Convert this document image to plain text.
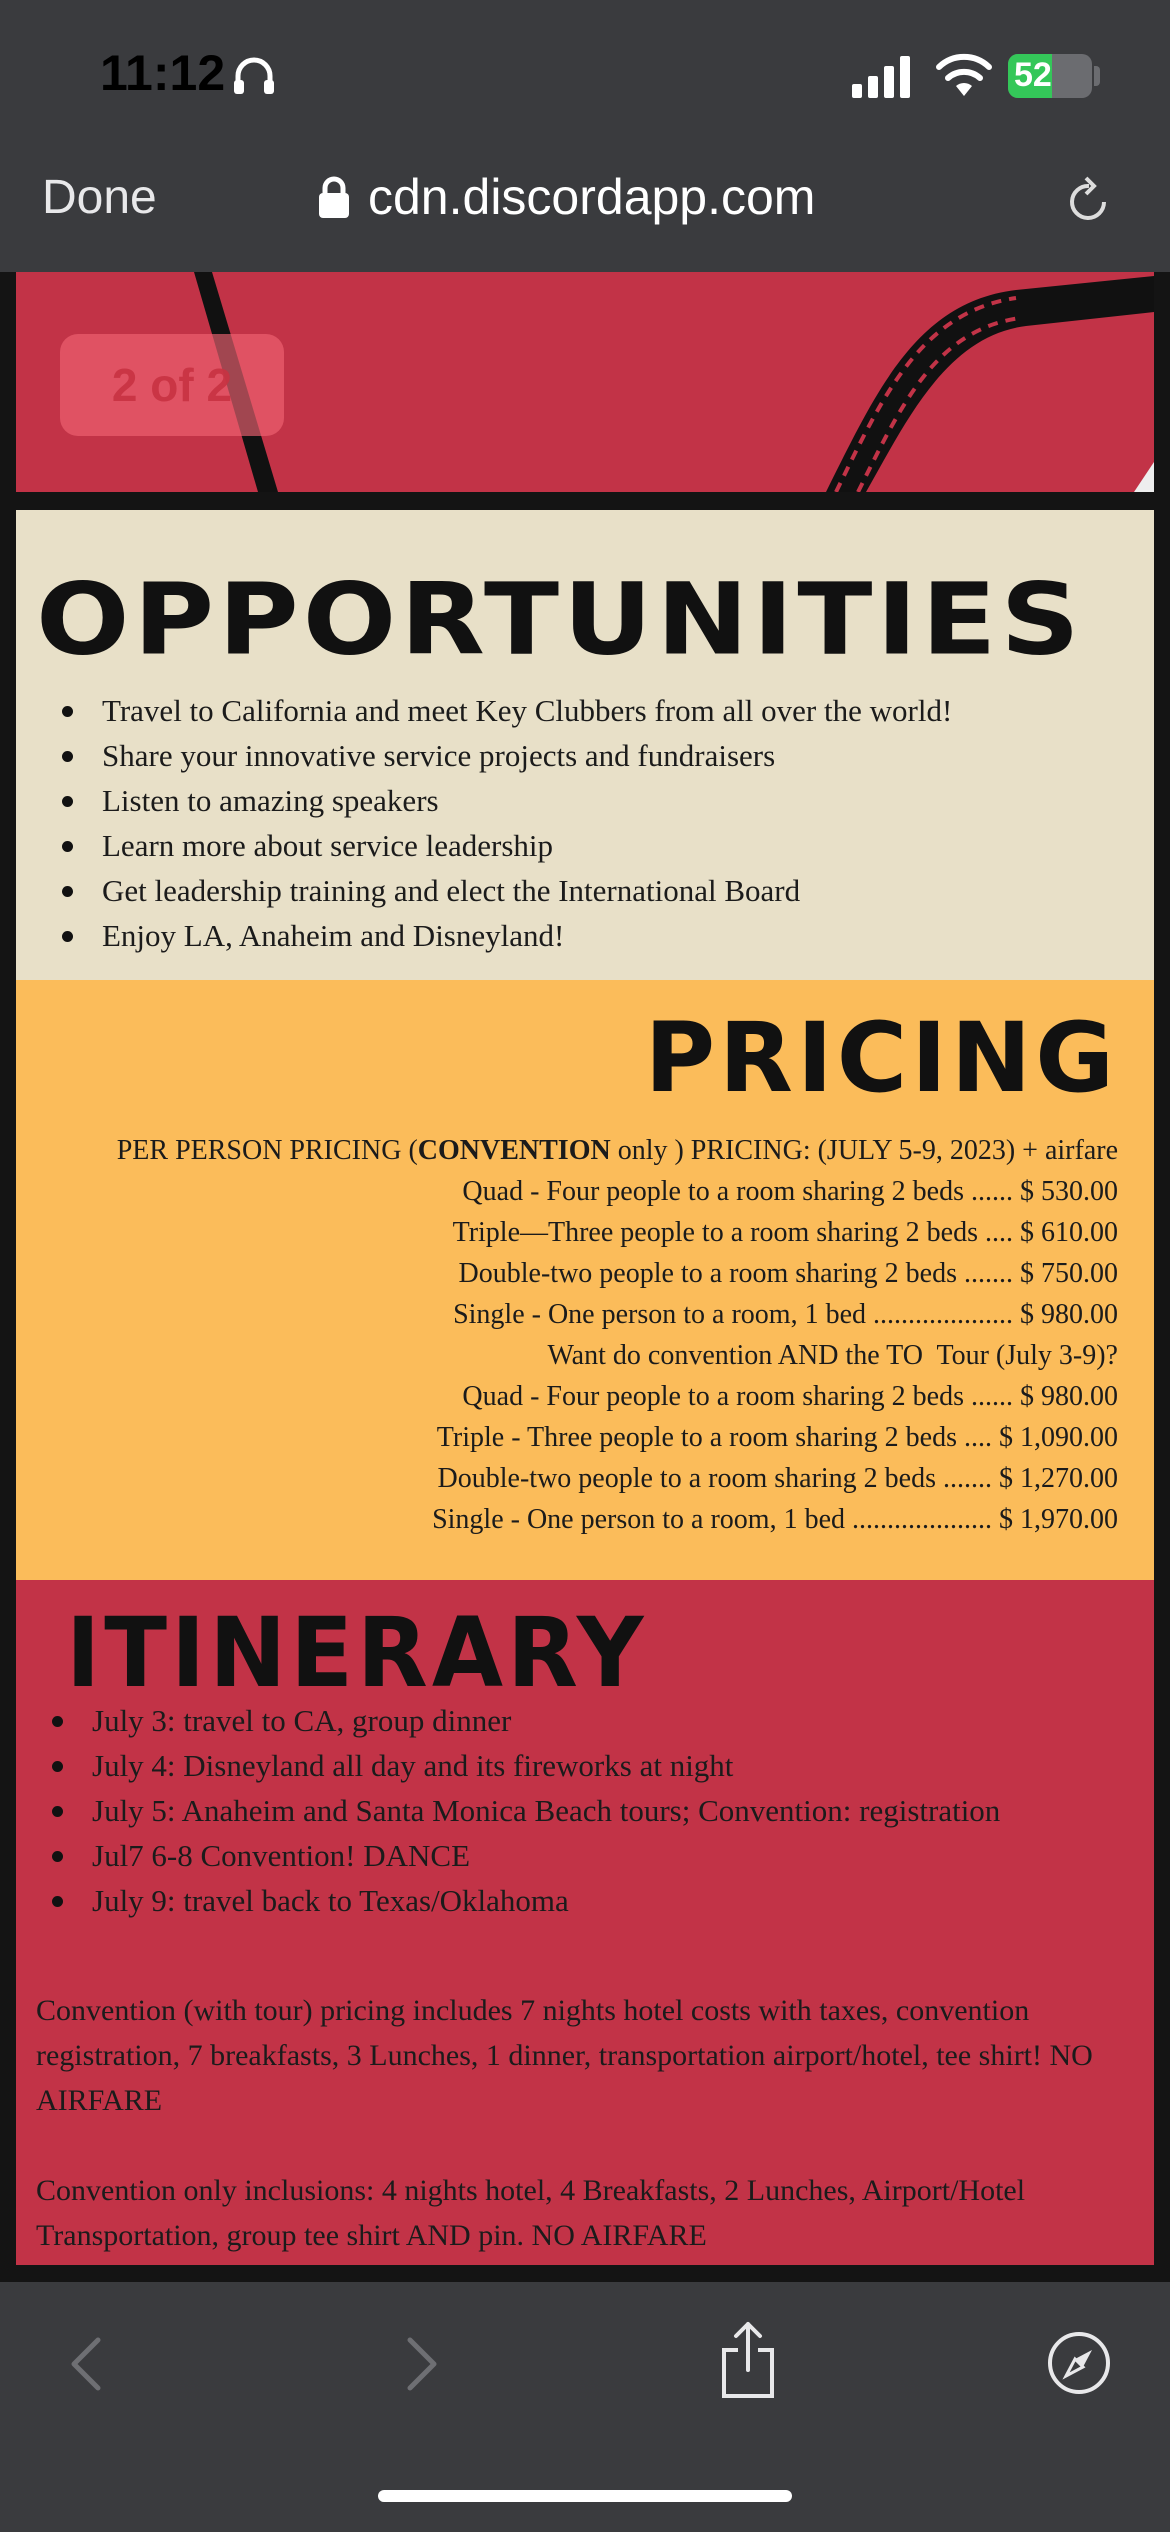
11:12	52
Done	cdn.discordapp.com
2 of 2
OPPORTUNITIES
Travel to California and meet Key Clubbers from all over the world!
Share your innovative service projects and fundraisers
Listen to amazing speakers
Learn more about service leadership
Get leadership training and elect the International Board
Enjoy LA, Anaheim and Disneyland!
PRICING
PER PERSON PRICING (CONVENTION only ) PRICING: (JULY 5-9, 2023) + airfare
Quad - Four people to a room sharing 2 beds ...... $ 530.00
Triple—Three people to a room sharing 2 beds .... $ 610.00
Double-two people to a room sharing 2 beds ....... $ 750.00
Single - One person to a room, 1 bed .................... $ 980.00
Want do convention AND the TO  Tour (July 3-9)?
Quad - Four people to a room sharing 2 beds ...... $ 980.00
Triple - Three people to a room sharing 2 beds .... $ 1,090.00
Double-two people to a room sharing 2 beds ....... $ 1,270.00
Single - One person to a room, 1 bed .................... $ 1,970.00
ITINERARY
July 3: travel to CA, group dinner
July 4: Disneyland all day and its fireworks at night
July 5: Anaheim and Santa Monica Beach tours; Convention: registration
Jul7 6-8 Convention! DANCE
July 9: travel back to Texas/Oklahoma
Convention (with tour) pricing includes 7 nights hotel costs with taxes, convention registration, 7 breakfasts, 3 Lunches, 1 dinner, transportation airport/hotel, tee shirt! NO AIRFARE
Convention only inclusions: 4 nights hotel, 4 Breakfasts, 2 Lunches, Airport/Hotel Transportation, group tee shirt AND pin. NO AIRFARE
